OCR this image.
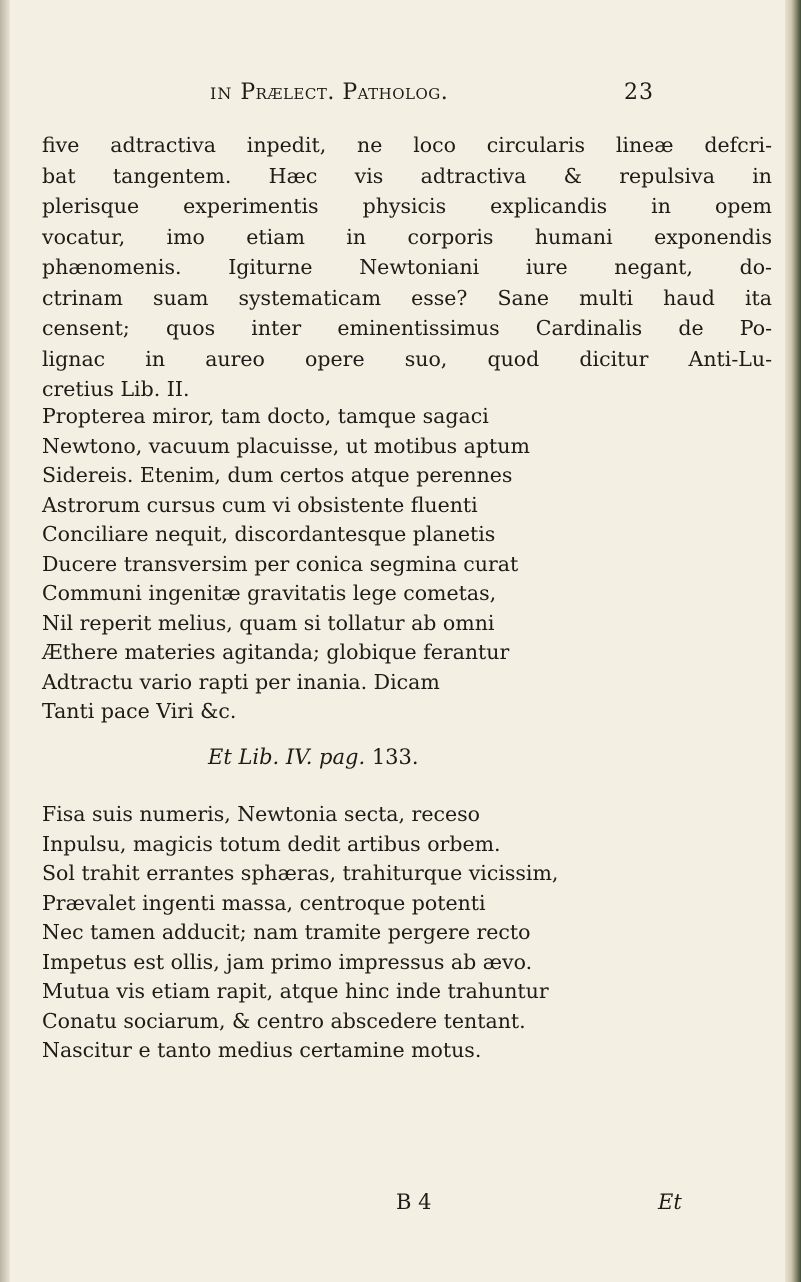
IN Prælect. Patholog.	23
five adtractiva inpedit, ne loco circularis lineæ defcri-
bat tangentem. Hæc vis adtractiva & repulsiva in
plerisque experimentis physicis explicandis in opem
vocatur, imo etiam in corporis humani exponendis
phænomenis. Igiturne Newtoniani iure negant, do-
ctrinam suam systematicam esse? Sane multi haud ita
censent; quos inter eminentissimus Cardinalis de Po-
lignac in aureo opere suo, quod dicitur Anti-Lu-
cretius Lib. II.
Propterea miror, tam docto, tamque sagaci
Newtono, vacuum placuisse, ut motibus aptum
Sidereis. Etenim, dum certos atque perennes
Astrorum cursus cum vi obsistente fluenti
Conciliare nequit, discordantesque planetis
Ducere transversim per conica segmina curat
Communi ingenitæ gravitatis lege cometas,
Nil reperit melius, quam si tollatur ab omni
Æthere materies agitanda; globique ferantur
Adtractu vario rapti per inania. Dicam
Tanti pace Viri &c.
Et Lib. IV. pag. 133.
Fisa suis numeris, Newtonia secta, receso
Inpulsu, magicis totum dedit artibus orbem.
Sol trahit errantes sphæras, trahiturque vicissim,
Prævalet ingenti massa, centroque potenti
Nec tamen adducit; nam tramite pergere recto
Impetus est ollis, jam primo impressus ab ævo.
Mutua vis etiam rapit, atque hinc inde trahuntur
Conatu sociarum, & centro abscedere tentant.
Nascitur e tanto medius certamine motus.
B 4	Et
